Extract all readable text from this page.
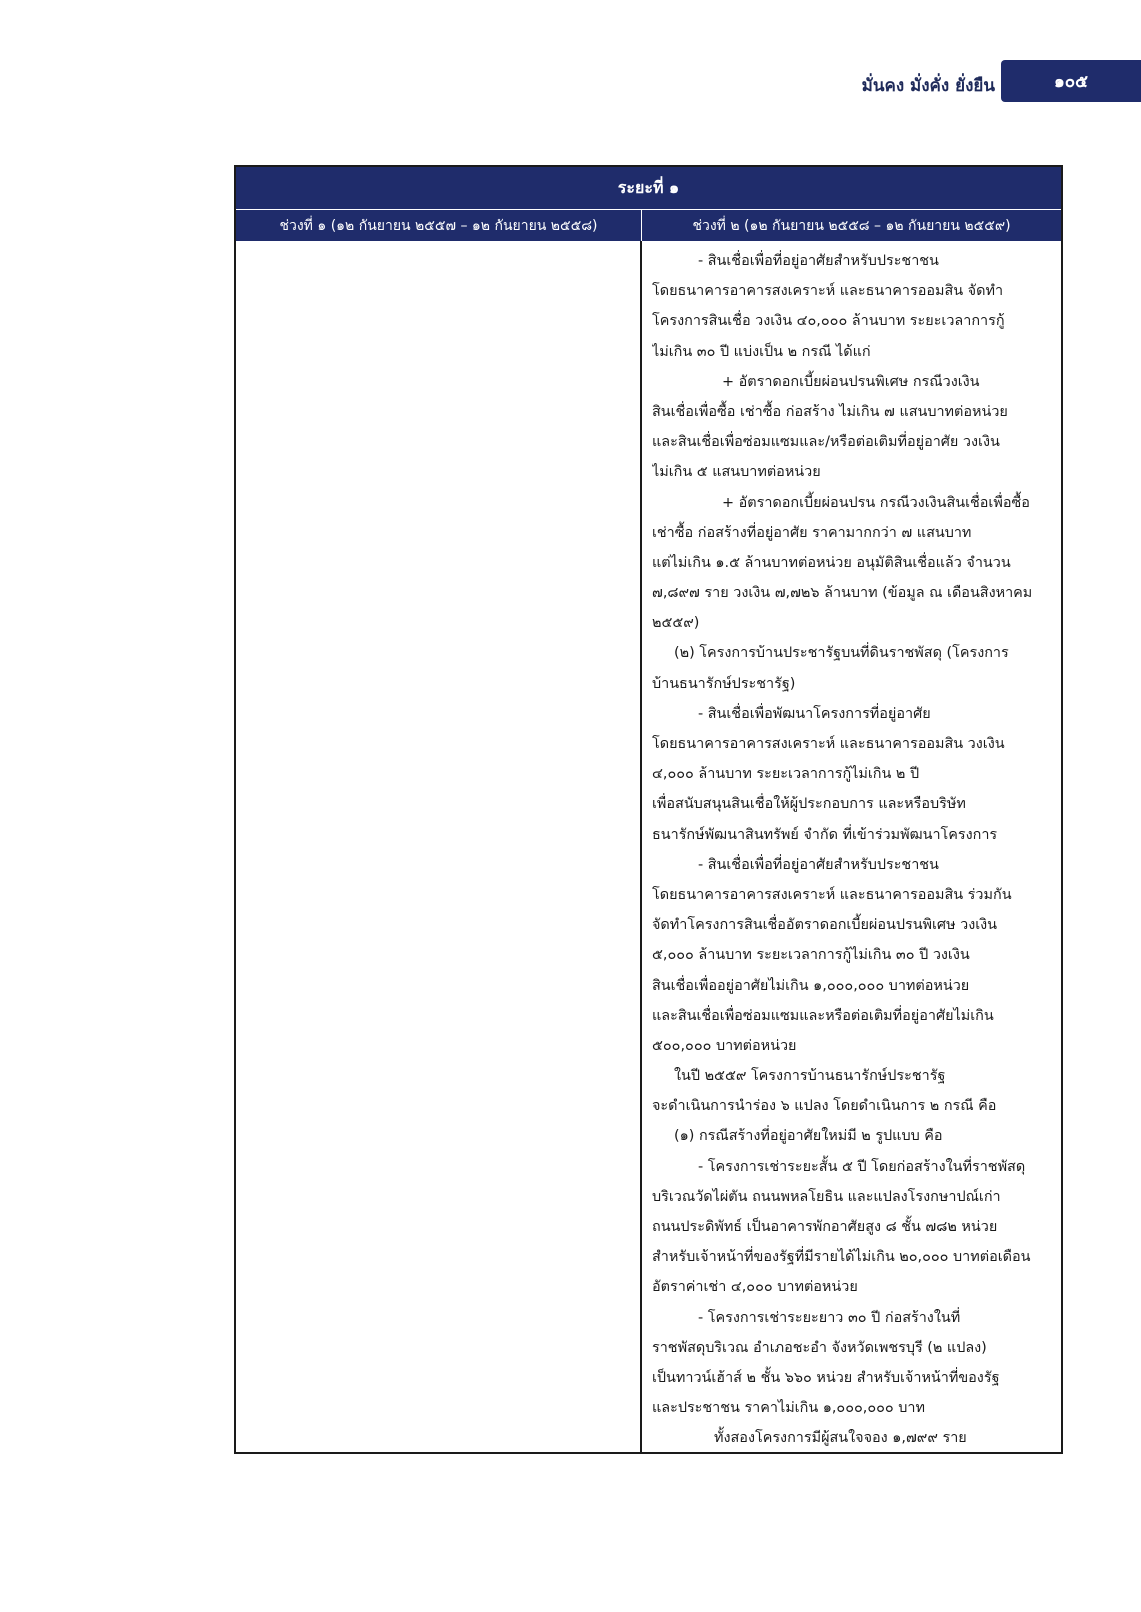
มั่นคง มั่งคั่ง ยั่งยืน	๑๐๕
ระยะที่ ๑
ช่วงที่ ๑ (๑๒ กันยายน ๒๕๕๗ – ๑๒ กันยายน ๒๕๕๘)	ช่วงที่ ๒ (๑๒ กันยายน ๒๕๕๘ – ๑๒ กันยายน ๒๕๕๙)
- สินเชื่อเพื่อที่อยู่อาศัยสำหรับประชาชน
โดยธนาคารอาคารสงเคราะห์ และธนาคารออมสิน จัดทำ
โครงการสินเชื่อ วงเงิน ๔๐,๐๐๐ ล้านบาท ระยะเวลาการกู้
ไม่เกิน ๓๐ ปี แบ่งเป็น ๒ กรณี ได้แก่
+ อัตราดอกเบี้ยผ่อนปรนพิเศษ กรณีวงเงิน
สินเชื่อเพื่อซื้อ เช่าซื้อ ก่อสร้าง ไม่เกิน ๗ แสนบาทต่อหน่วย
และสินเชื่อเพื่อซ่อมแซมและ/หรือต่อเติมที่อยู่อาศัย วงเงิน
ไม่เกิน ๕ แสนบาทต่อหน่วย
+ อัตราดอกเบี้ยผ่อนปรน กรณีวงเงินสินเชื่อเพื่อซื้อ
เช่าซื้อ ก่อสร้างที่อยู่อาศัย ราคามากกว่า ๗ แสนบาท
แต่ไม่เกิน ๑.๕ ล้านบาทต่อหน่วย อนุมัติสินเชื่อแล้ว จำนวน
๗,๘๙๗ ราย วงเงิน ๗,๗๒๖ ล้านบาท (ข้อมูล ณ เดือนสิงหาคม
๒๕๕๙)
(๒) โครงการบ้านประชารัฐบนที่ดินราชพัสดุ (โครงการ
บ้านธนารักษ์ประชารัฐ)
- สินเชื่อเพื่อพัฒนาโครงการที่อยู่อาศัย
โดยธนาคารอาคารสงเคราะห์ และธนาคารออมสิน วงเงิน
๔,๐๐๐ ล้านบาท ระยะเวลาการกู้ไม่เกิน ๒ ปี
เพื่อสนับสนุนสินเชื่อให้ผู้ประกอบการ และหรือบริษัท
ธนารักษ์พัฒนาสินทรัพย์ จำกัด ที่เข้าร่วมพัฒนาโครงการ
- สินเชื่อเพื่อที่อยู่อาศัยสำหรับประชาชน
โดยธนาคารอาคารสงเคราะห์ และธนาคารออมสิน ร่วมกัน
จัดทำโครงการสินเชื่ออัตราดอกเบี้ยผ่อนปรนพิเศษ วงเงิน
๕,๐๐๐ ล้านบาท ระยะเวลาการกู้ไม่เกิน ๓๐ ปี วงเงิน
สินเชื่อเพื่ออยู่อาศัยไม่เกิน ๑,๐๐๐,๐๐๐ บาทต่อหน่วย
และสินเชื่อเพื่อซ่อมแซมและหรือต่อเติมที่อยู่อาศัยไม่เกิน
๕๐๐,๐๐๐ บาทต่อหน่วย
ในปี ๒๕๕๙ โครงการบ้านธนารักษ์ประชารัฐ
จะดำเนินการนำร่อง ๖ แปลง โดยดำเนินการ ๒ กรณี คือ
(๑) กรณีสร้างที่อยู่อาศัยใหม่มี ๒ รูปแบบ คือ
- โครงการเช่าระยะสั้น ๕ ปี โดยก่อสร้างในที่ราชพัสดุ
บริเวณวัดไผ่ตัน ถนนพหลโยธิน และแปลงโรงกษาปณ์เก่า
ถนนประดิพัทธ์ เป็นอาคารพักอาศัยสูง ๘ ชั้น ๗๘๒ หน่วย
สำหรับเจ้าหน้าที่ของรัฐที่มีรายได้ไม่เกิน ๒๐,๐๐๐ บาทต่อเดือน
อัตราค่าเช่า ๔,๐๐๐ บาทต่อหน่วย
- โครงการเช่าระยะยาว ๓๐ ปี ก่อสร้างในที่
ราชพัสดุบริเวณ อำเภอชะอำ จังหวัดเพชรบุรี (๒ แปลง)
เป็นทาวน์เฮ้าส์ ๒ ชั้น ๖๖๐ หน่วย สำหรับเจ้าหน้าที่ของรัฐ
และประชาชน ราคาไม่เกิน ๑,๐๐๐,๐๐๐ บาท
ทั้งสองโครงการมีผู้สนใจจอง ๑,๗๙๙ ราย
